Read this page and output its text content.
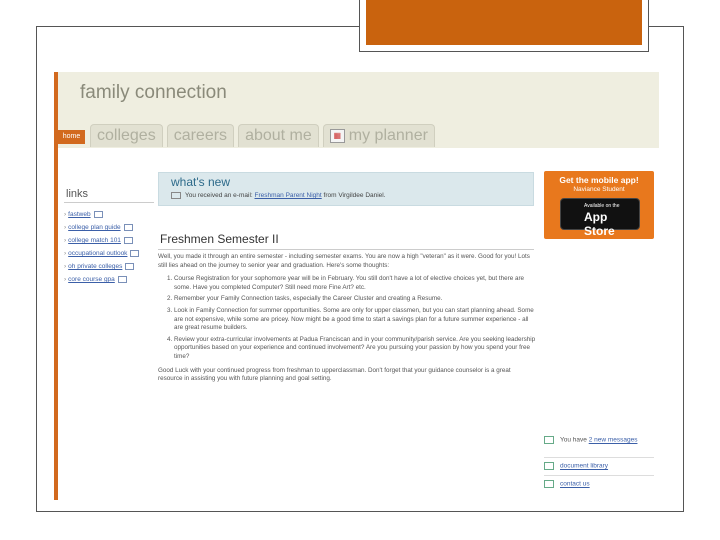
family connection
home colleges careers about me	▦ my planner
links
› fastweb
› college plan guide
› college match 101
› occupational outlook
› oh private colleges
› core course gpa
what's new
You received an e-mail: Freshman Parent Night from Virgildee Daniel.
Freshmen Semester II

Well, you made it through an entire semester - including semester exams. You are now a high "veteran" as it were. Good for you! Lots still lies ahead on the journey to senior year and graduation. Here's some thoughts:

1. Course Registration for your sophomore year will be in February. You still don't have a lot of elective choices yet, but there are some. Have you completed Computer? Still need more Fine Art? etc.
2. Remember your Family Connection tasks, especially the Career Cluster and creating a Resume.
3. Look in Family Connection for summer opportunities. Some are only for upper classmen, but you can start planning ahead. Some are not expensive, while some are pricey. Now might be a good time to start a savings plan for a future summer experience - all are great resume builders.
4. Review your extra-curricular involvements at Padua Franciscan and in your community/parish service. Are you seeking leadership opportunities based on your experience and continued involvement? Are you pursuing your passion by how you spend your free time?

Good Luck with your continued progress from freshman to upperclassman. Don't forget that your guidance counselor is a great resource in assisting you with future planning and goal setting.

Get the mobile app!
Naviance Student
Available on the
App Store
You have 2 new messages
document library
contact us
